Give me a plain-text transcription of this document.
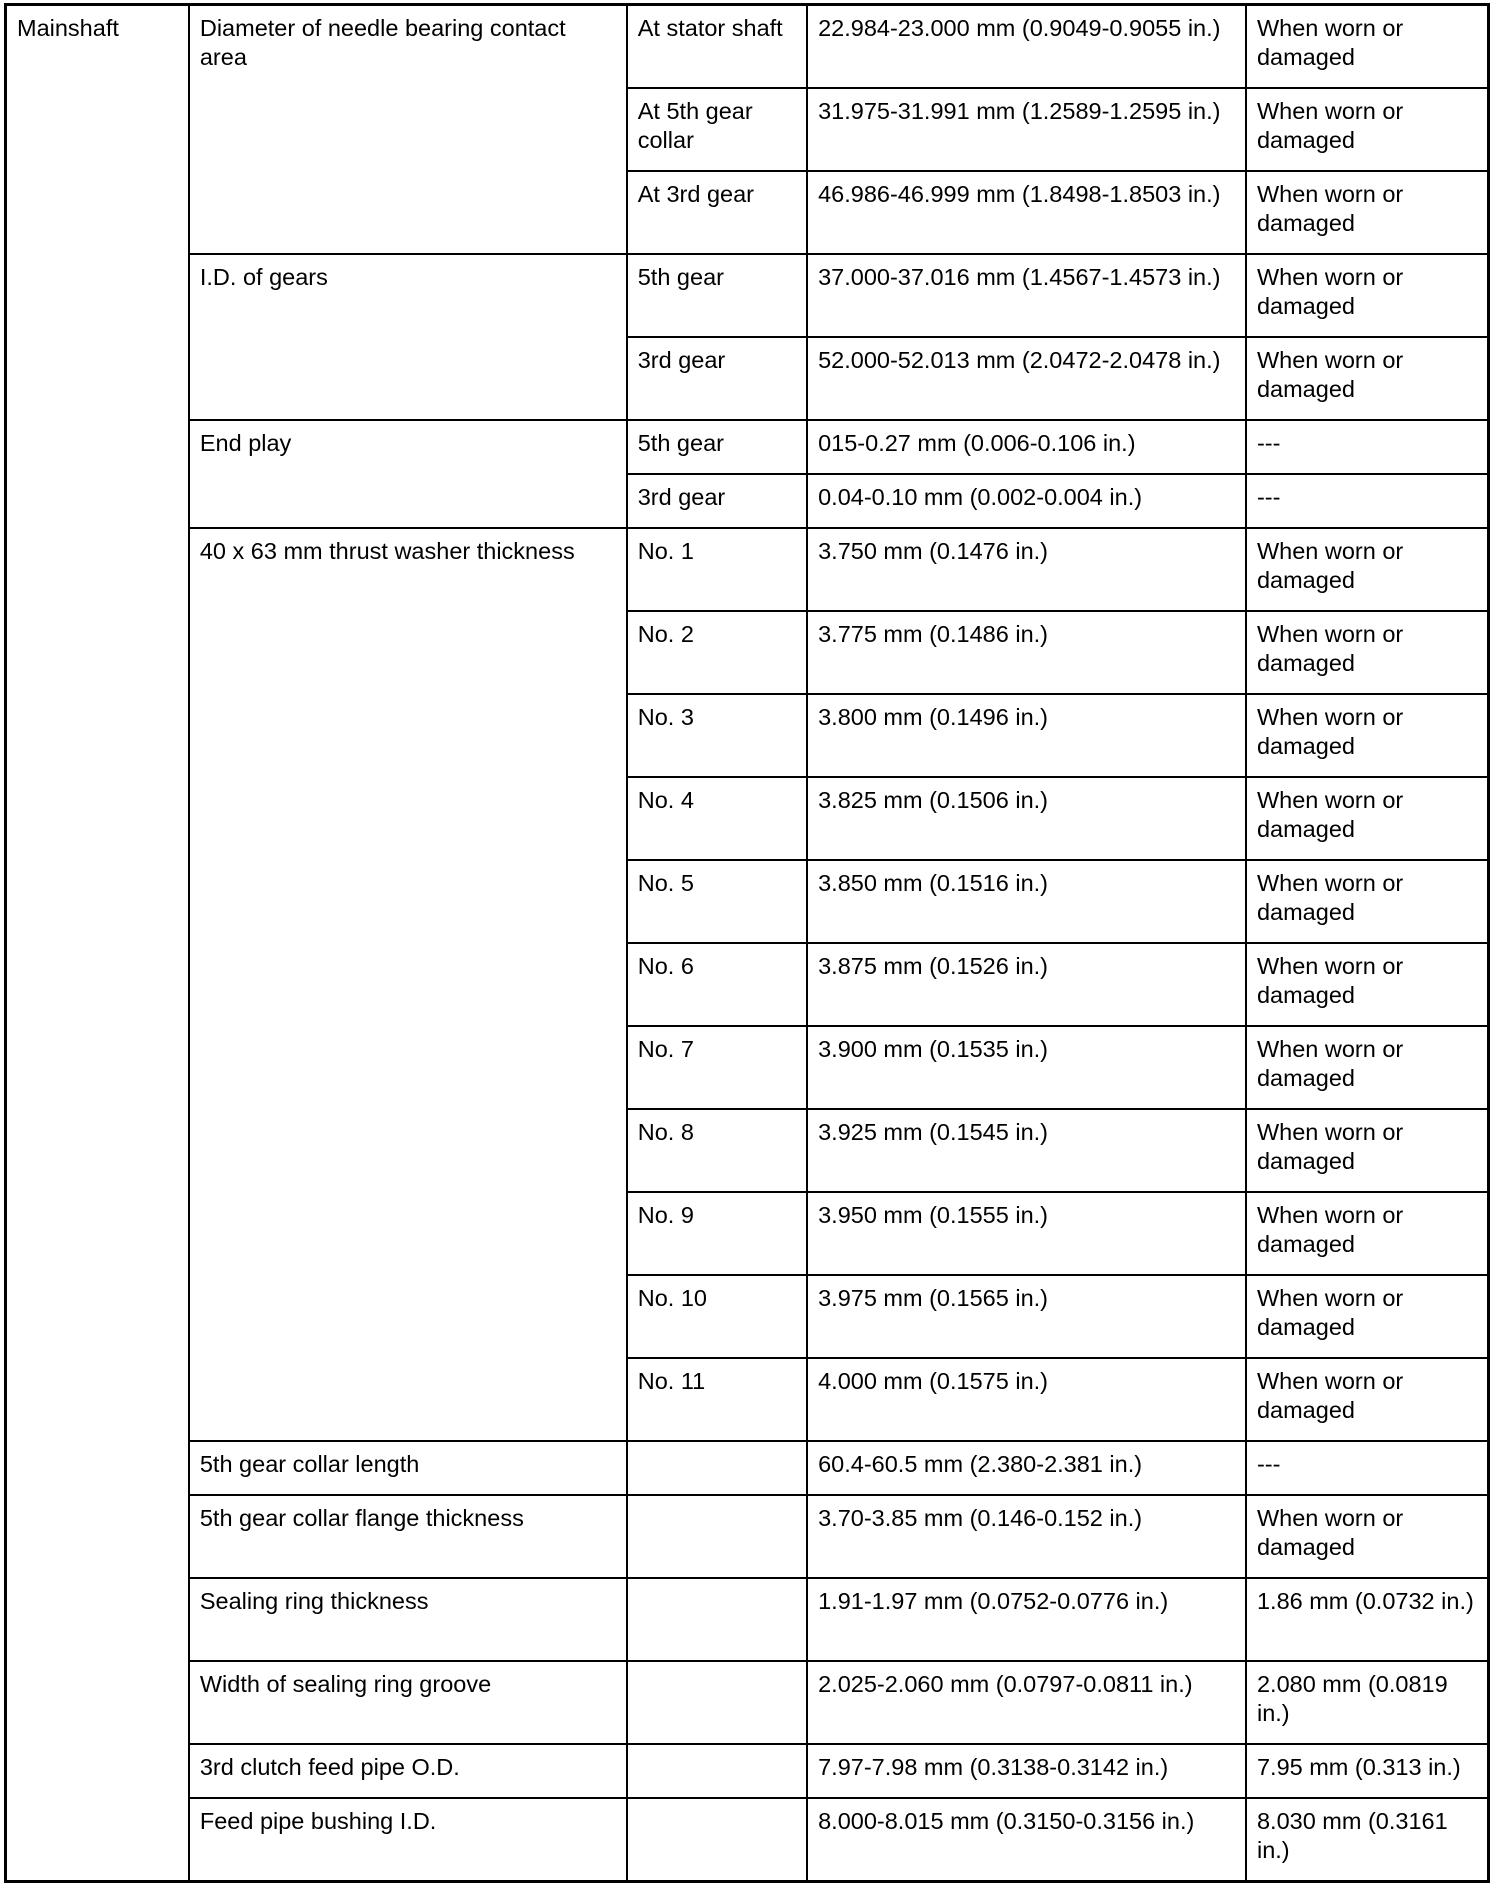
Mainshaft	Diameter of needle bearing contact area	At stator shaft	22.984-23.000 mm (0.9049-0.9055 in.)	When worn or damaged
		At 5th gear collar	31.975-31.991 mm (1.2589-1.2595 in.)	When worn or damaged
		At 3rd gear	46.986-46.999 mm (1.8498-1.8503 in.)	When worn or damaged
	I.D. of gears	5th gear	37.000-37.016 mm (1.4567-1.4573 in.)	When worn or damaged
		3rd gear	52.000-52.013 mm (2.0472-2.0478 in.)	When worn or damaged
	End play	5th gear	015-0.27 mm (0.006-0.106 in.)	---
		3rd gear	0.04-0.10 mm (0.002-0.004 in.)	---
	40 x 63 mm thrust washer thickness	No. 1	3.750 mm (0.1476 in.)	When worn or damaged
		No. 2	3.775 mm (0.1486 in.)	When worn or damaged
		No. 3	3.800 mm (0.1496 in.)	When worn or damaged
		No. 4	3.825 mm (0.1506 in.)	When worn or damaged
		No. 5	3.850 mm (0.1516 in.)	When worn or damaged
		No. 6	3.875 mm (0.1526 in.)	When worn or damaged
		No. 7	3.900 mm (0.1535 in.)	When worn or damaged
		No. 8	3.925 mm (0.1545 in.)	When worn or damaged
		No. 9	3.950 mm (0.1555 in.)	When worn or damaged
		No. 10	3.975 mm (0.1565 in.)	When worn or damaged
		No. 11	4.000 mm (0.1575 in.)	When worn or damaged
	5th gear collar length		60.4-60.5 mm (2.380-2.381 in.)	---
	5th gear collar flange thickness		3.70-3.85 mm (0.146-0.152 in.)	When worn or damaged
	Sealing ring thickness		1.91-1.97 mm (0.0752-0.0776 in.)	1.86 mm (0.0732 in.)
	Width of sealing ring groove		2.025-2.060 mm (0.0797-0.0811 in.)	2.080 mm (0.0819 in.)
	3rd clutch feed pipe O.D.		7.97-7.98 mm (0.3138-0.3142 in.)	7.95 mm (0.313 in.)
	Feed pipe bushing I.D.		8.000-8.015 mm (0.3150-0.3156 in.)	8.030 mm (0.3161 in.)
